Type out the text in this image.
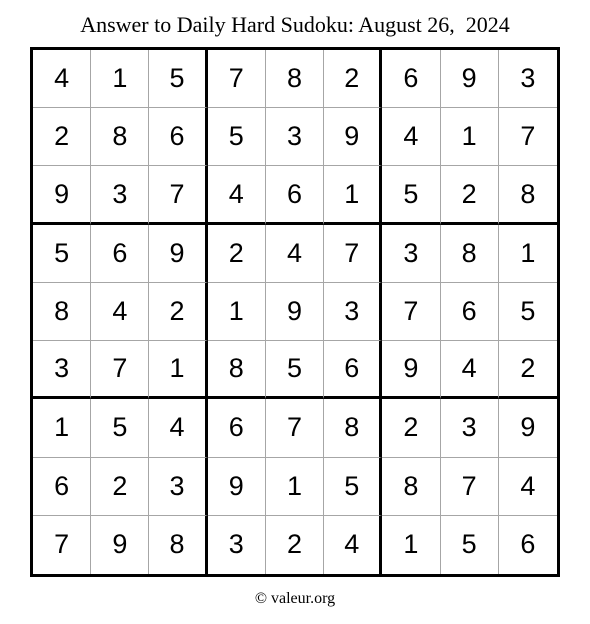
Answer to Daily Hard Sudoku: August 26,  2024
4	1	5	7	8	2	6	9	3
2	8	6	5	3	9	4	1	7
9	3	7	4	6	1	5	2	8
5	6	9	2	4	7	3	8	1
8	4	2	1	9	3	7	6	5
3	7	1	8	5	6	9	4	2
1	5	4	6	7	8	2	3	9
6	2	3	9	1	5	8	7	4
7	9	8	3	2	4	1	5	6
© valeur.org
